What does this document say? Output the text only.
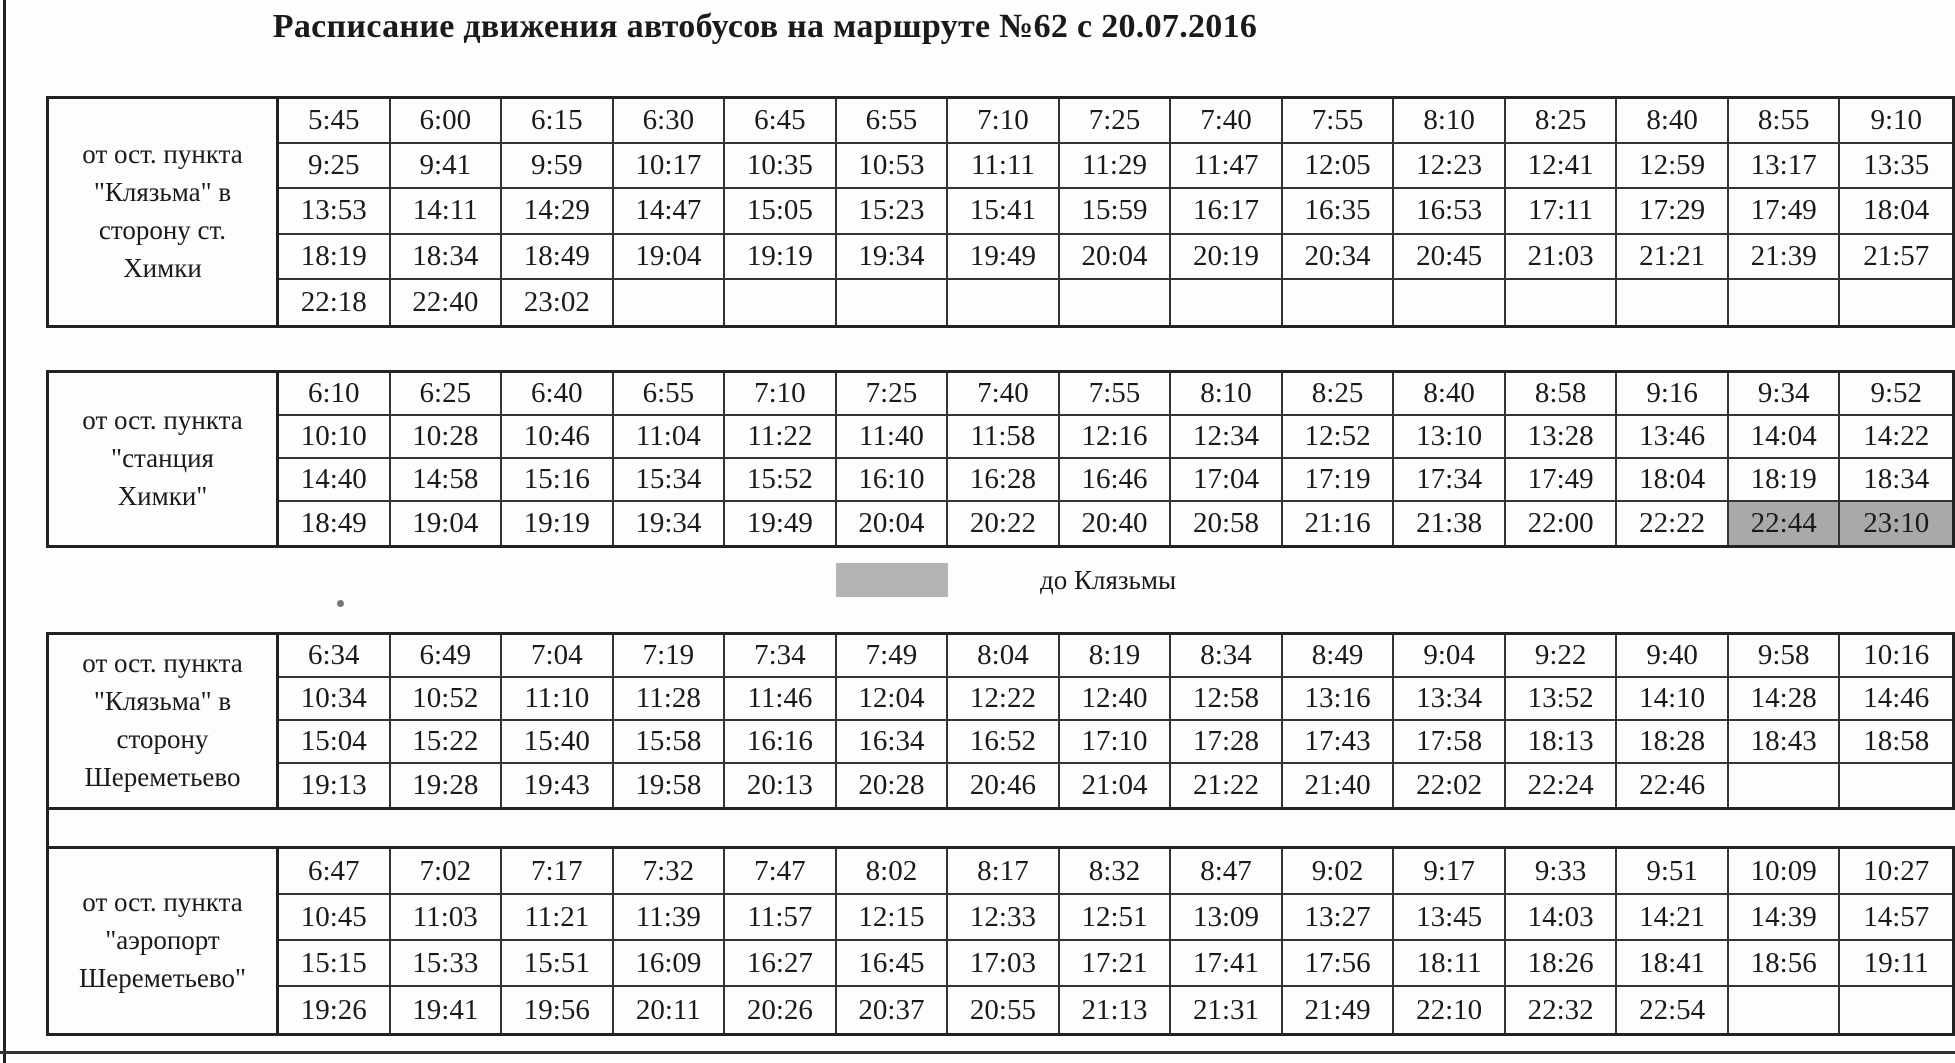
Расписание движения автобусов на маршруте №62 с 20.07.2016
от ост. пункта
"Клязьма" в
сторону ст.
Химки
5:45	6:00	6:15	6:30	6:45	6:55	7:10	7:25	7:40	7:55	8:10	8:25	8:40	8:55	9:10
9:25	9:41	9:59	10:17	10:35	10:53	11:11	11:29	11:47	12:05	12:23	12:41	12:59	13:17	13:35
13:53	14:11	14:29	14:47	15:05	15:23	15:41	15:59	16:17	16:35	16:53	17:11	17:29	17:49	18:04
18:19	18:34	18:49	19:04	19:19	19:34	19:49	20:04	20:19	20:34	20:45	21:03	21:21	21:39	21:57
22:18	22:40	23:02
от ост. пункта
"станция
Химки"
6:10	6:25	6:40	6:55	7:10	7:25	7:40	7:55	8:10	8:25	8:40	8:58	9:16	9:34	9:52
10:10	10:28	10:46	11:04	11:22	11:40	11:58	12:16	12:34	12:52	13:10	13:28	13:46	14:04	14:22
14:40	14:58	15:16	15:34	15:52	16:10	16:28	16:46	17:04	17:19	17:34	17:49	18:04	18:19	18:34
18:49	19:04	19:19	19:34	19:49	20:04	20:22	20:40	20:58	21:16	21:38	22:00	22:22	22:44	23:10
до Клязьмы
от ост. пункта
"Клязьма" в
сторону
Шереметьево
6:34	6:49	7:04	7:19	7:34	7:49	8:04	8:19	8:34	8:49	9:04	9:22	9:40	9:58	10:16
10:34	10:52	11:10	11:28	11:46	12:04	12:22	12:40	12:58	13:16	13:34	13:52	14:10	14:28	14:46
15:04	15:22	15:40	15:58	16:16	16:34	16:52	17:10	17:28	17:43	17:58	18:13	18:28	18:43	18:58
19:13	19:28	19:43	19:58	20:13	20:28	20:46	21:04	21:22	21:40	22:02	22:24	22:46
от ост. пункта
"аэропорт
Шереметьево"
6:47	7:02	7:17	7:32	7:47	8:02	8:17	8:32	8:47	9:02	9:17	9:33	9:51	10:09	10:27
10:45	11:03	11:21	11:39	11:57	12:15	12:33	12:51	13:09	13:27	13:45	14:03	14:21	14:39	14:57
15:15	15:33	15:51	16:09	16:27	16:45	17:03	17:21	17:41	17:56	18:11	18:26	18:41	18:56	19:11
19:26	19:41	19:56	20:11	20:26	20:37	20:55	21:13	21:31	21:49	22:10	22:32	22:54
